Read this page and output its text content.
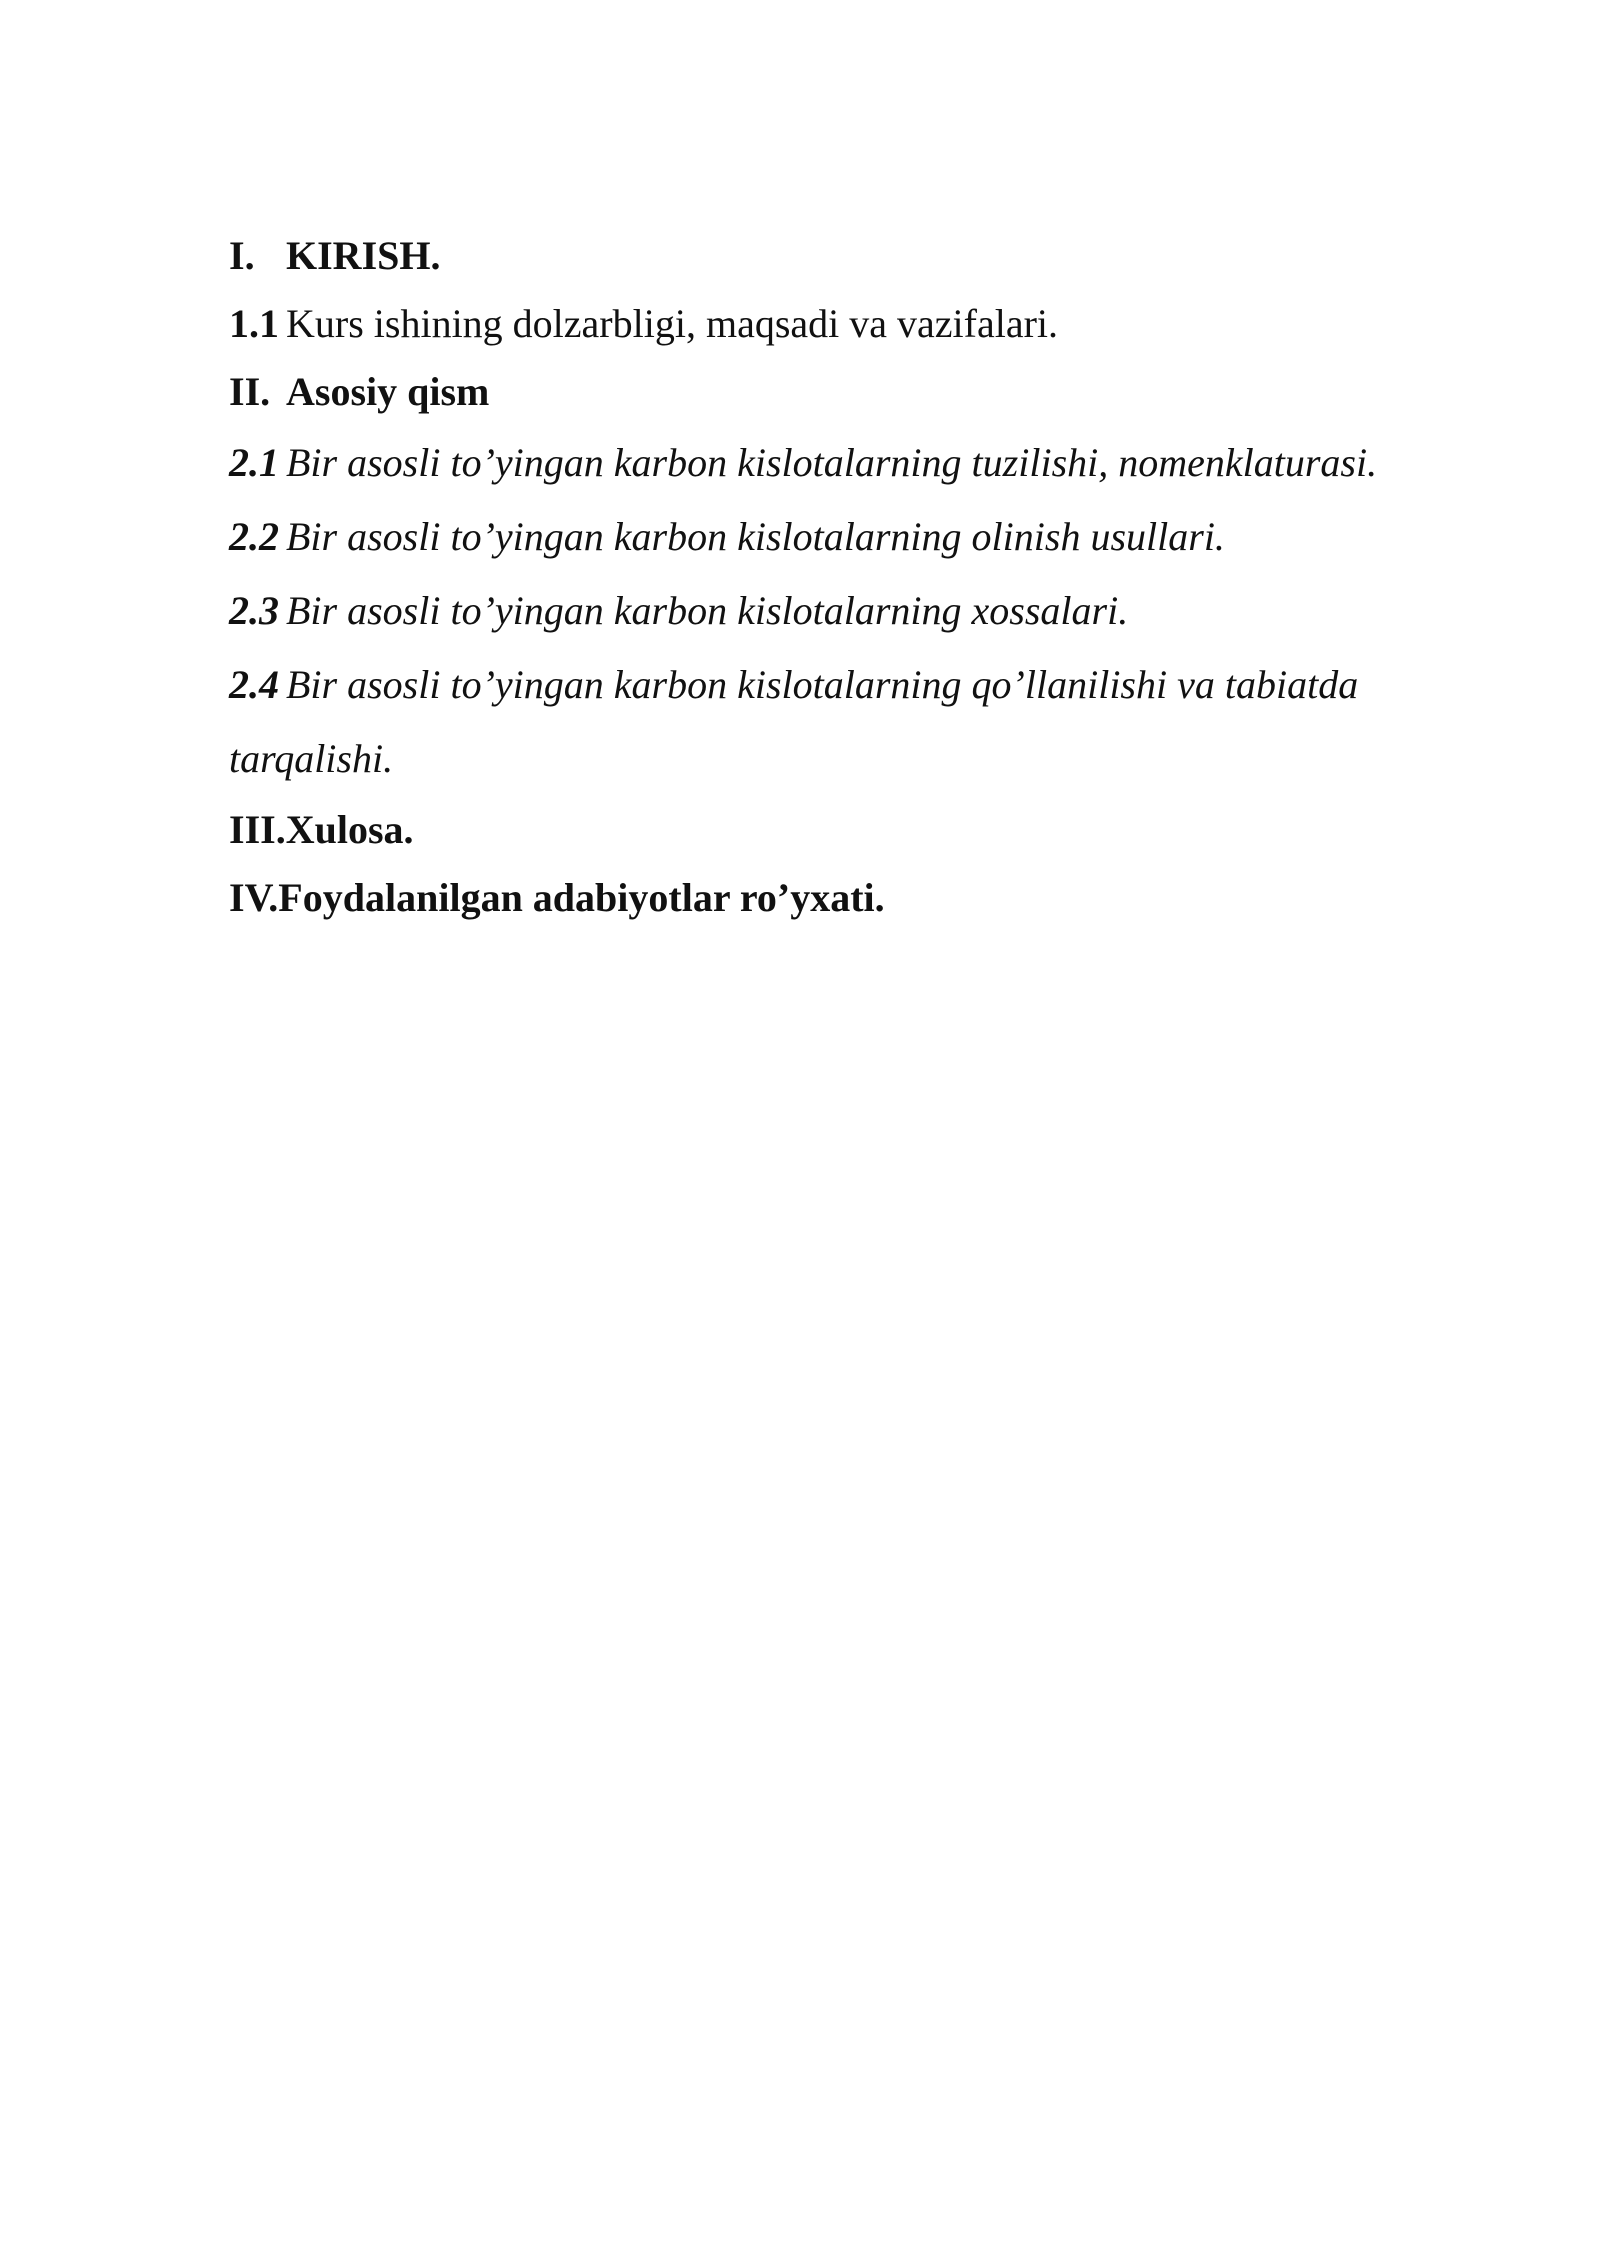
I. KIRISH.
1.1 Kurs ishining dolzarbligi, maqsadi va vazifalari.
II. Asosiy qism
2.1 Bir asosli to’yingan karbon kislotalarning tuzilishi, nomenklaturasi.
2.2 Bir asosli to’yingan karbon kislotalarning olinish usullari.
2.3 Bir asosli to’yingan karbon kislotalarning xossalari.
2.4 Bir asosli to’yingan karbon kislotalarning qo’llanilishi va tabiatda
tarqalishi.
III.Xulosa.
IV.Foydalanilgan adabiyotlar ro’yxati.
